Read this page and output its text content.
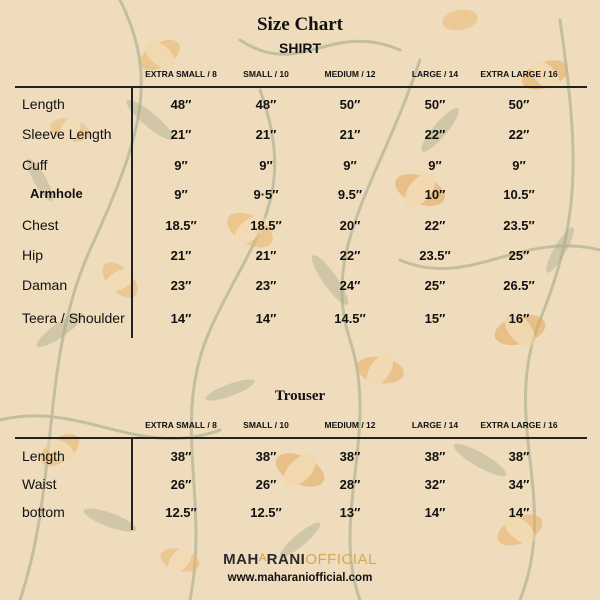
Size Chart
SHIRT
EXTRA SMALL / 8	SMALL / 10	MEDIUM / 12	LARGE / 14	EXTRA LARGE / 16
Length	48″	48″	50″	50″	50″
Sleeve Length	21″	21″	21″	22″	22″
Cuff	9″	9″	9″	9″	9″
Armhole	9″	9·5″	9.5″	10″	10.5″
Chest	18.5″	18.5″	20″	22″	23.5″
Hip	21″	21″	22″	23.5″	25″
Daman	23″	23″	24″	25″	26.5″
Teera / Shoulder	14″	14″	14.5″	15″	16″
Trouser
EXTRA SMALL / 8	SMALL / 10	MEDIUM / 12	LARGE / 14	EXTRA LARGE / 16
Length	38″	38″	38″	38″	38″
Waist	26″	26″	28″	32″	34″
bottom	12.5″	12.5″	13″	14″	14″
$MAH^ARANIOFFICIAL$
www.maharaniofficial.com
